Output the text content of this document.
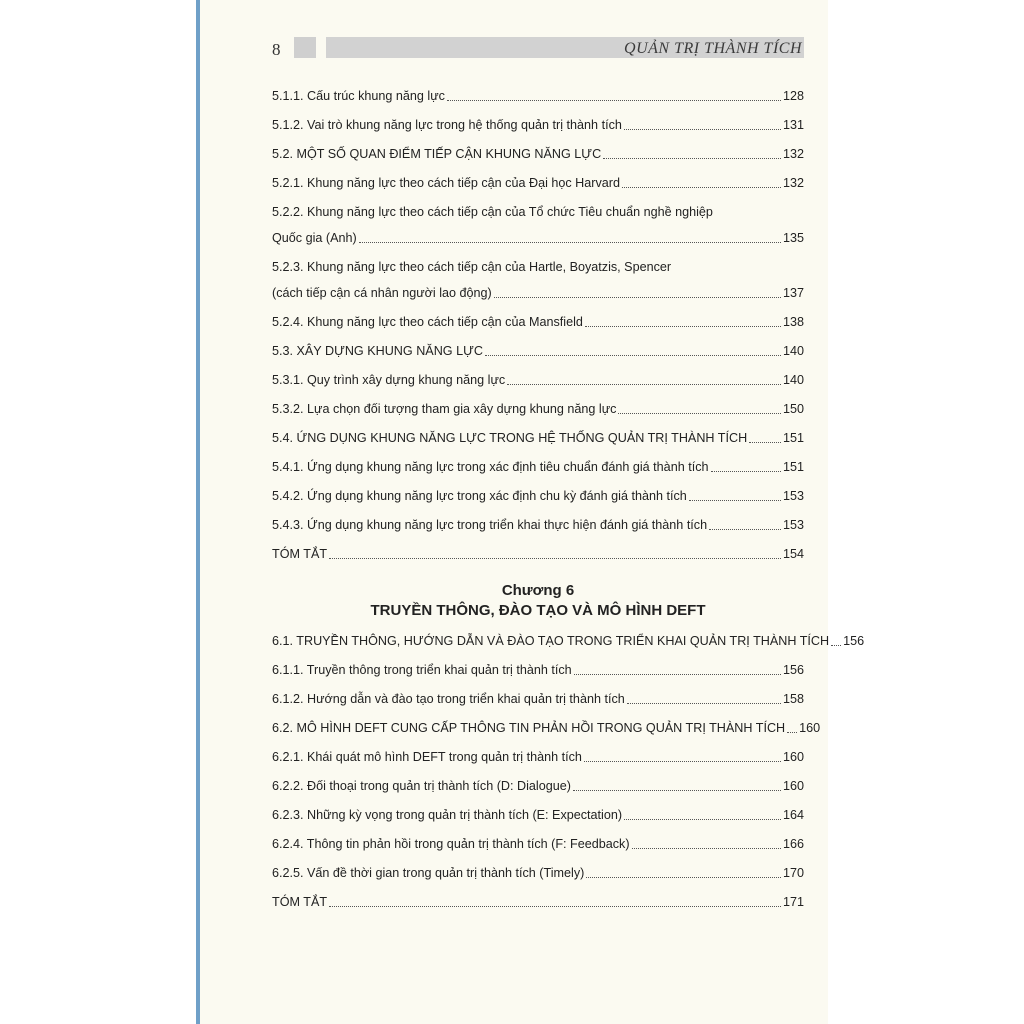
8	QUẢN TRỊ THÀNH TÍCH
5.1.1. Cấu trúc khung năng lực	128
5.1.2. Vai trò khung năng lực trong hệ thống quản trị thành tích	131
5.2. MỘT SỐ QUAN ĐIỂM TIẾP CẬN KHUNG NĂNG LỰC	132
5.2.1. Khung năng lực theo cách tiếp cận của Đại học Harvard	132
5.2.2. Khung năng lực theo cách tiếp cận của Tổ chức Tiêu chuẩn nghề nghiệp
Quốc gia (Anh)	135
5.2.3. Khung năng lực theo cách tiếp cận của Hartle, Boyatzis, Spencer
(cách tiếp cận cá nhân người lao động)	137
5.2.4. Khung năng lực theo cách tiếp cận của Mansfield	138
5.3. XÂY DỰNG KHUNG NĂNG LỰC	140
5.3.1. Quy trình xây dựng khung năng lực	140
5.3.2. Lựa chọn đối tượng tham gia xây dựng khung năng lực	150
5.4. ỨNG DỤNG KHUNG NĂNG LỰC TRONG HỆ THỐNG QUẢN TRỊ THÀNH TÍCH	151
5.4.1. Ứng dụng khung năng lực trong xác định tiêu chuẩn đánh giá thành tích	151
5.4.2. Ứng dụng khung năng lực trong xác định chu kỳ đánh giá thành tích	153
5.4.3. Ứng dụng khung năng lực trong triển khai thực hiện đánh giá thành tích	153
TÓM TẮT	154
Chương 6
TRUYỀN THÔNG, ĐÀO TẠO VÀ MÔ HÌNH DEFT
6.1. TRUYỀN THÔNG, HƯỚNG DẪN VÀ ĐÀO TẠO TRONG TRIỂN KHAI QUẢN TRỊ THÀNH TÍCH 156
6.1.1. Truyền thông trong triển khai quản trị thành tích	156
6.1.2. Hướng dẫn và đào tạo trong triển khai quản trị thành tích	158
6.2. MÔ HÌNH DEFT CUNG CẤP THÔNG TIN PHẢN HỒI TRONG QUẢN TRỊ THÀNH TÍCH 160
6.2.1. Khái quát mô hình DEFT trong quản trị thành tích	160
6.2.2. Đối thoại trong quản trị thành tích (D: Dialogue)	160
6.2.3. Những kỳ vọng trong quản trị thành tích (E: Expectation)	164
6.2.4. Thông tin phản hồi trong quản trị thành tích (F: Feedback)	166
6.2.5. Vấn đề thời gian trong quản trị thành tích (Timely)	170
TÓM TẮT	171
